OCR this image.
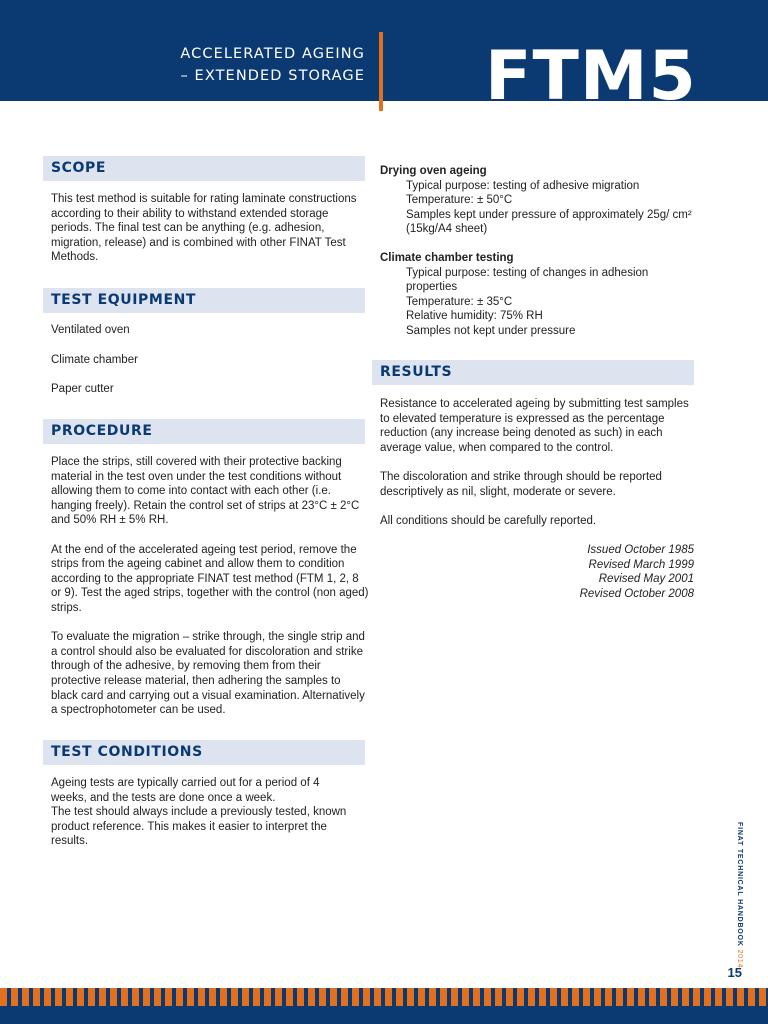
ACCELERATED AGEING
– EXTENDED STORAGE FTM5
SCOPE

This test method is suitable for rating laminate constructions according to their ability to withstand extended storage periods. The final test can be anything (e.g. adhesion, migration, release) and is combined with other FINAT Test Methods.

TEST EQUIPMENT

Ventilated oven

Climate chamber

Paper cutter

PROCEDURE

Place the strips, still covered with their protective backing material in the test oven under the test conditions without allowing them to come into contact with each other (i.e. hanging freely). Retain the control set of strips at 23°C ± 2°C and 50% RH ± 5% RH.

At the end of the accelerated ageing test period, remove the strips from the ageing cabinet and allow them to condition according to the appropriate FINAT test method (FTM 1, 2, 8 or 9). Test the aged strips, together with the control (non aged) strips.

To evaluate the migration – strike through, the single strip and a control should also be evaluated for discoloration and strike through of the adhesive, by removing them from their protective release material, then adhering the samples to black card and carrying out a visual examination. Alternatively a spectrophotometer can be used.

TEST CONDITIONS

Ageing tests are typically carried out for a period of 4 weeks, and the tests are done once a week.

The test should always include a previously tested, known product reference. This makes it easier to interpret the results.

Drying oven ageing

Typical purpose: testing of adhesive migration

Temperature: ± 50°C

Samples kept under pressure of approximately 25g/ cm² (15kg/A4 sheet)

Climate chamber testing

Typical purpose: testing of changes in adhesion properties

Temperature: ± 35°C

Relative humidity: 75% RH

Samples not kept under pressure

RESULTS

Resistance to accelerated ageing by submitting test samples to elevated temperature is expressed as the percentage reduction (any increase being denoted as such) in each average value, when compared to the control.

The discoloration and strike through should be reported descriptively as nil, slight, moderate or severe.

All conditions should be carefully reported.

Issued October 1985

Revised March 1999

Revised May 2001

Revised October 2008

FINAT TECHNICAL HANDBOOK 2014
15
